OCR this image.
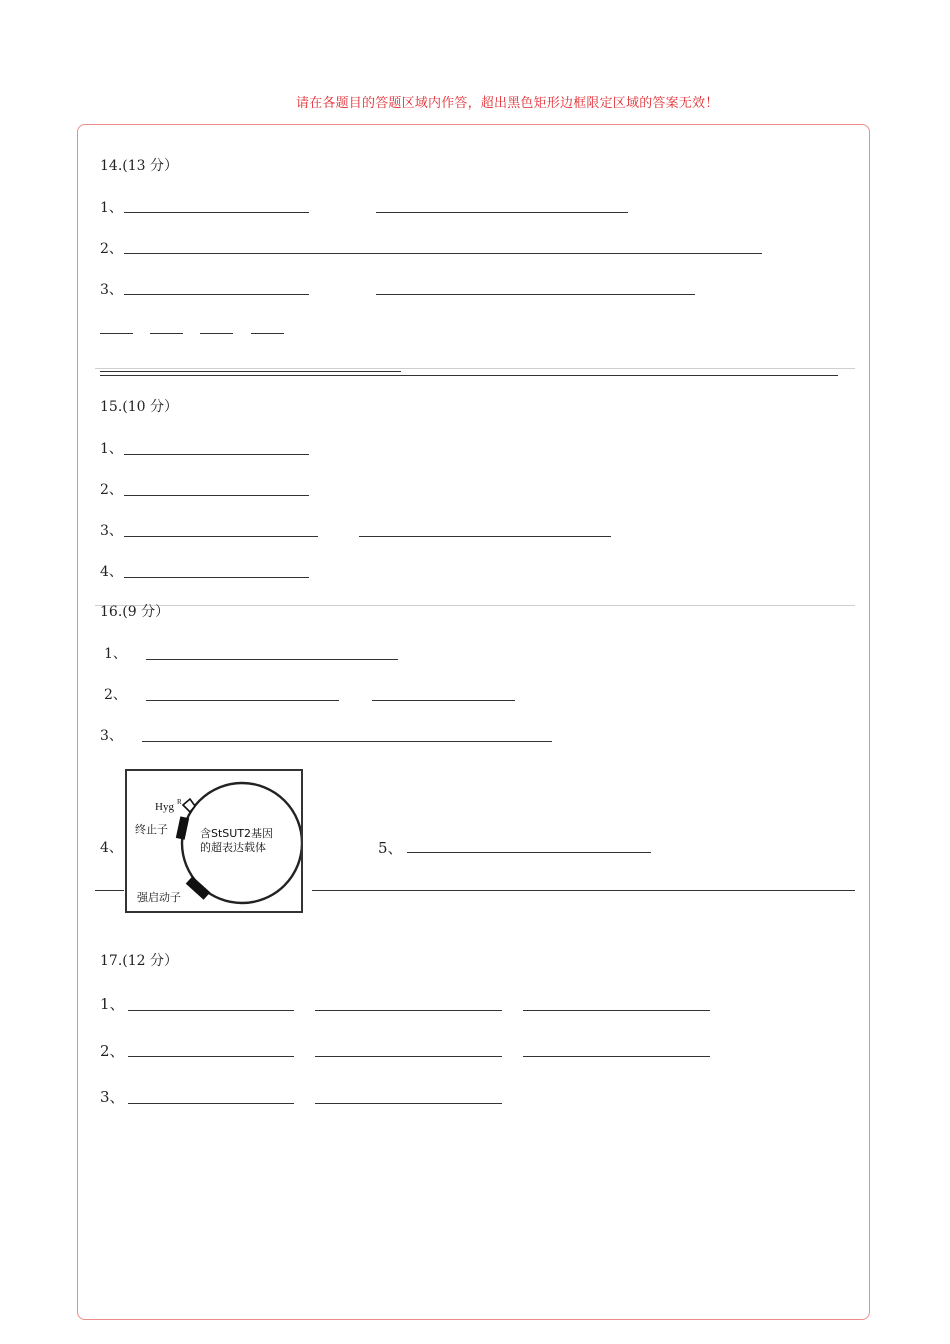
请在各题目的答题区域内作答，超出黑色矩形边框限定区域的答案无效！
14.(13 分）
1、
2、
3、
15.(10 分）
1、
2、
3、
4、
16.(9 分）
1、
2、
3、
4、
Hyg R
终止子
强启动子
含StSUT2基因
的超表达载体	5、
17.(12 分）
1、
2、
3、
